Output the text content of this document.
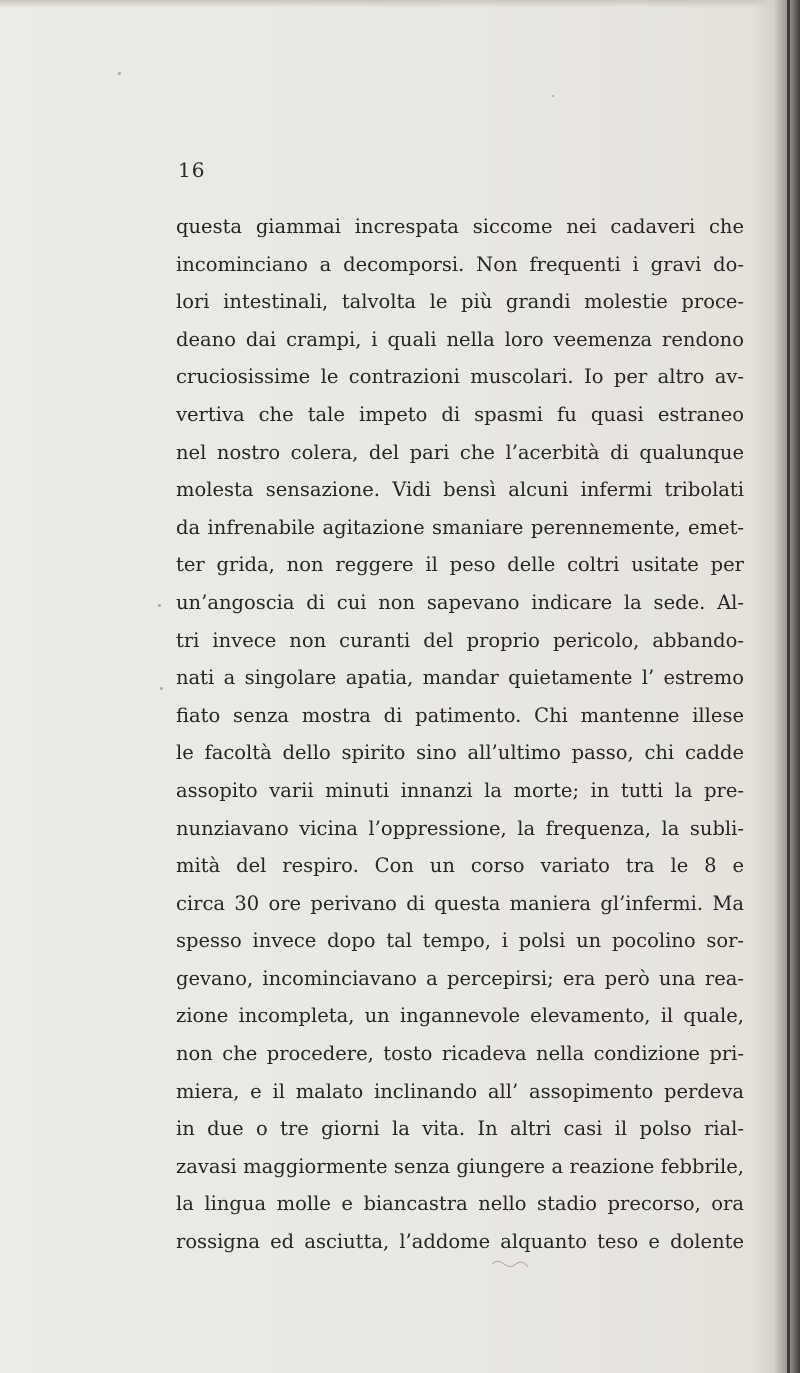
16
questa giammai increspata siccome nei cadaveri che
incominciano a decomporsi. Non frequenti i gravi do-
lori intestinali, talvolta le più grandi molestie proce-
deano dai crampi, i quali nella loro veemenza rendono
cruciosissime le contrazioni muscolari. Io per altro av-
vertiva che tale impeto di spasmi fu quasi estraneo
nel nostro colera, del pari che l’acerbità di qualunque
molesta sensazione. Vidi bensì alcuni infermi tribolati
da infrenabile agitazione smaniare perennemente, emet-
ter grida, non reggere il peso delle coltri usitate per
un’angoscia di cui non sapevano indicare la sede. Al-
tri invece non curanti del proprio pericolo, abbando-
nati a singolare apatia, mandar quietamente l’ estremo
fiato senza mostra di patimento. Chi mantenne illese
le facoltà dello spirito sino all’ultimo passo, chi cadde
assopito varii minuti innanzi la morte; in tutti la pre-
nunziavano vicina l’oppressione, la frequenza, la subli-
mità del respiro. Con un corso variato tra le 8 e
circa 30 ore perivano di questa maniera gl’infermi. Ma
spesso invece dopo tal tempo, i polsi un pocolino sor-
gevano, incominciavano a percepirsi; era però una rea-
zione incompleta, un ingannevole elevamento, il quale,
non che procedere, tosto ricadeva nella condizione pri-
miera, e il malato inclinando all’ assopimento perdeva
in due o tre giorni la vita. In altri casi il polso rial-
zavasi maggiormente senza giungere a reazione febbrile,
la lingua molle e biancastra nello stadio precorso, ora
rossigna ed asciutta, l’addome alquanto teso e dolente
